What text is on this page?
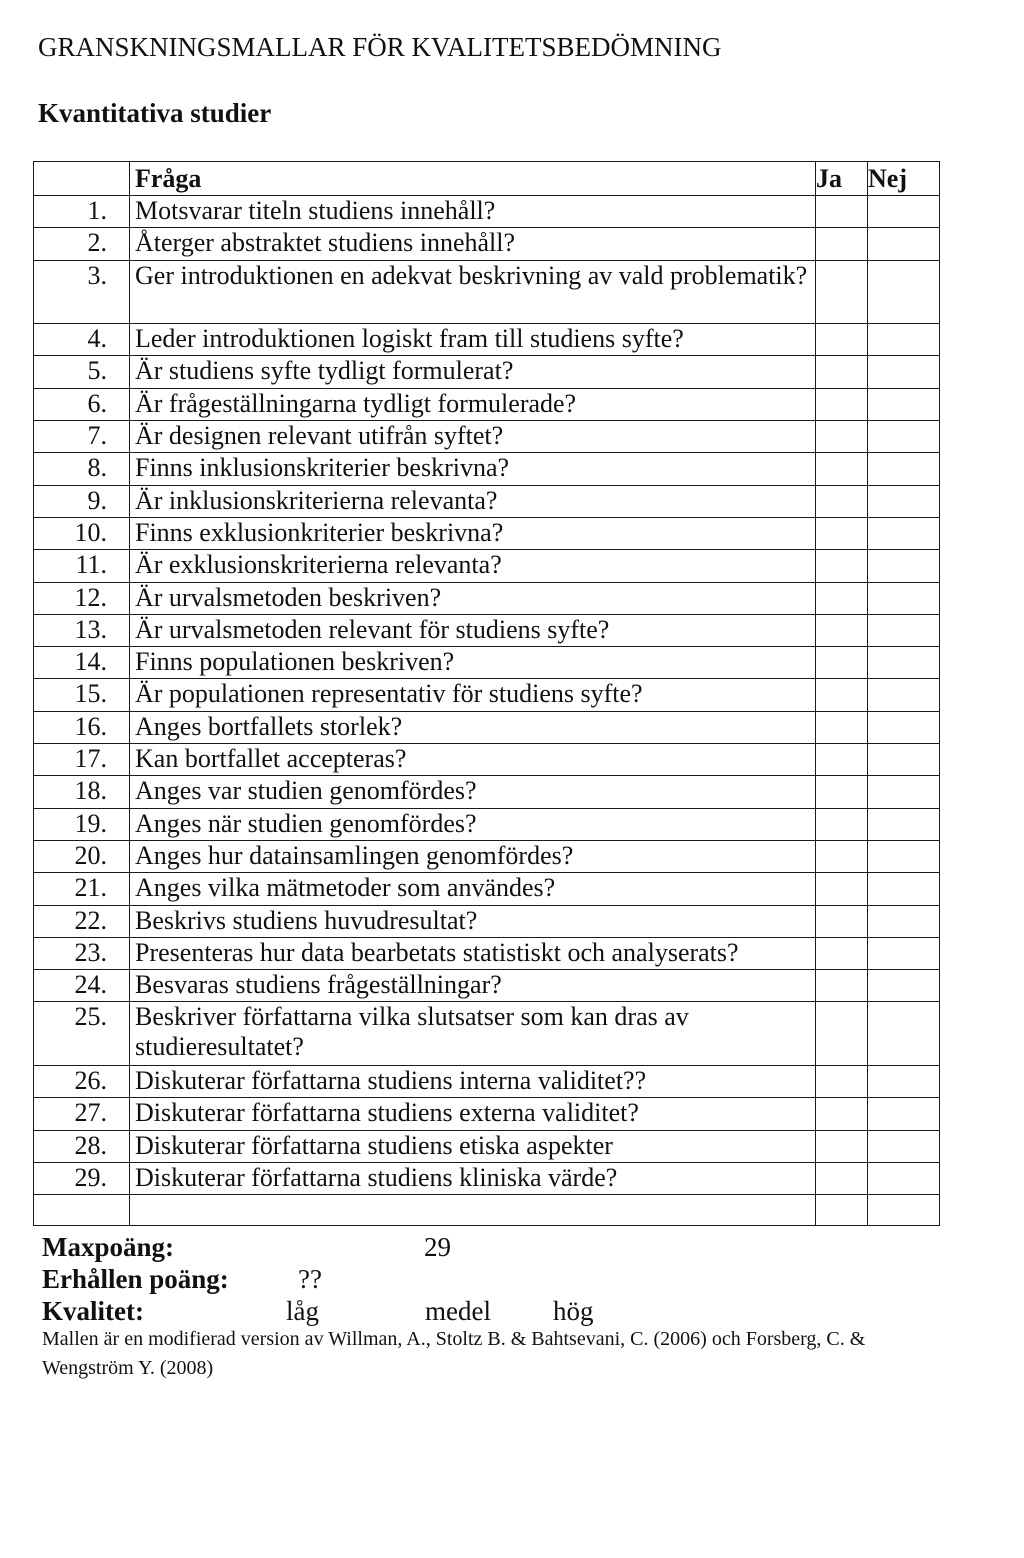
GRANSKNINGSMALLAR FÖR KVALITETSBEDÖMNING
Kvantitativa studier
	Fråga	Ja	Nej
1.	Motsvarar titeln studiens innehåll?		
2.	Återger abstraktet studiens innehåll?		
3.	Ger introduktionen en adekvat beskrivning av vald problematik?		
4.	Leder introduktionen logiskt fram till studiens syfte?		
5.	Är studiens syfte tydligt formulerat?		
6.	Är frågeställningarna tydligt formulerade?		
7.	Är designen relevant utifrån syftet?		
8.	Finns inklusionskriterier beskrivna?		
9.	Är inklusionskriterierna relevanta?		
10.	Finns exklusionkriterier beskrivna?		
11.	Är exklusionskriterierna relevanta?		
12.	Är urvalsmetoden beskriven?		
13.	Är urvalsmetoden relevant för studiens syfte?		
14.	Finns populationen beskriven?		
15.	Är populationen representativ för studiens syfte?		
16.	Anges bortfallets storlek?		
17.	Kan bortfallet accepteras?		
18.	Anges var studien genomfördes?		
19.	Anges när studien genomfördes?		
20.	Anges hur datainsamlingen genomfördes?		
21.	Anges vilka mätmetoder som användes?		
22.	Beskrivs studiens huvudresultat?		
23.	Presenteras hur data bearbetats statistiskt och analyserats?		
24.	Besvaras studiens frågeställningar?		
25.	Beskriver författarna vilka slutsatser som kan dras av studieresultatet?		
26.	Diskuterar författarna studiens interna validitet??		
27.	Diskuterar författarna studiens externa validitet?		
28.	Diskuterar författarna studiens etiska aspekter		
29.	Diskuterar författarna studiens kliniska värde?		

Maxpoäng:	29
Erhållen poäng:	??
Kvalitet:	låg	medel hög
Mallen är en modifierad version av Willman, A., Stoltz B. & Bahtsevani, C. (2006) och Forsberg, C. & Wengström Y. (2008)
